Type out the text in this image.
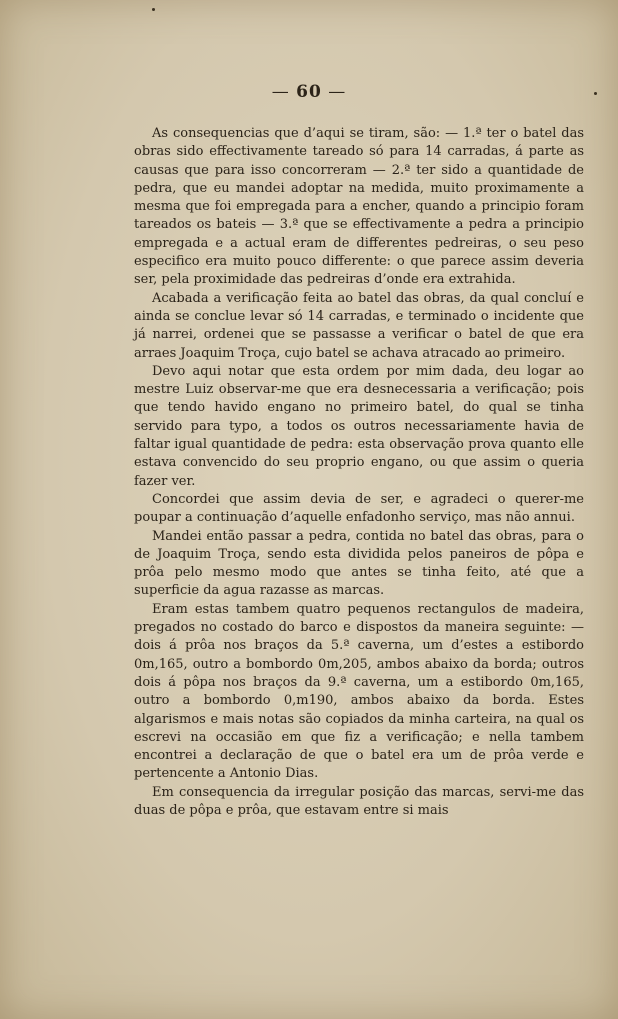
— 60 —

As consequencias que d’aqui se tiram, são: — 1.ª ter o batel das obras sido effectivamente tareado só para 14 carradas, á parte as causas que para isso concorreram — 2.ª ter sido a quantidade de pedra, que eu mandei adoptar na medida, muito proximamente a mesma que foi empregada para a encher, quando a principio foram tareados os bateis — 3.ª que se effectivamente a pedra a principio empregada e a actual eram de differentes pedreiras, o seu peso especifico era muito pouco differente: o que parece assim deveria ser, pela proximidade das pedreiras d’onde era extrahida.

Acabada a verificação feita ao batel das obras, da qual concluí e ainda se conclue levar só 14 carradas, e terminado o incidente que já narrei, ordenei que se passasse a verificar o batel de que era arraes Joaquim Troça, cujo batel se achava atracado ao primeiro.

Devo aqui notar que esta ordem por mim dada, deu logar ao mestre Luiz observar-me que era desnecessaria a verificação; pois que tendo havido engano no primeiro batel, do qual se tinha servido para typo, a todos os outros necessariamente havia de faltar igual quantidade de pedra: esta observação prova quanto elle estava convencido do seu proprio engano, ou que assim o queria fazer ver.

Concordei que assim devia de ser, e agradeci o querer-me poupar a continuação d’aquelle enfadonho serviço, mas não annui.

Mandei então passar a pedra, contida no batel das obras, para o de Joaquim Troça, sendo esta dividida pelos paneiros de pôpa e prôa pelo mesmo modo que antes se tinha feito, até que a superficie da agua razasse as marcas.

Eram estas tambem quatro pequenos rectangulos de madeira, pregados no costado do barco e dispostos da maneira seguinte: — dois á prôa nos braços da 5.ª caverna, um d’estes a estibordo 0m,165, outro a bombordo 0m,205, ambos abaixo da borda; outros dois á pôpa nos braços da 9.ª caverna, um a estibordo 0m,165, outro a bombordo 0,m190, ambos abaixo da borda. Estes algarismos e mais notas são copiados da minha carteira, na qual os escrevi na occasião em que fiz a verificação; e nella tambem encontrei a declaração de que o batel era um de prôa verde e pertencente a Antonio Dias.

Em consequencia da irregular posição das marcas, servi-me das duas de pôpa e prôa, que estavam entre si mais
